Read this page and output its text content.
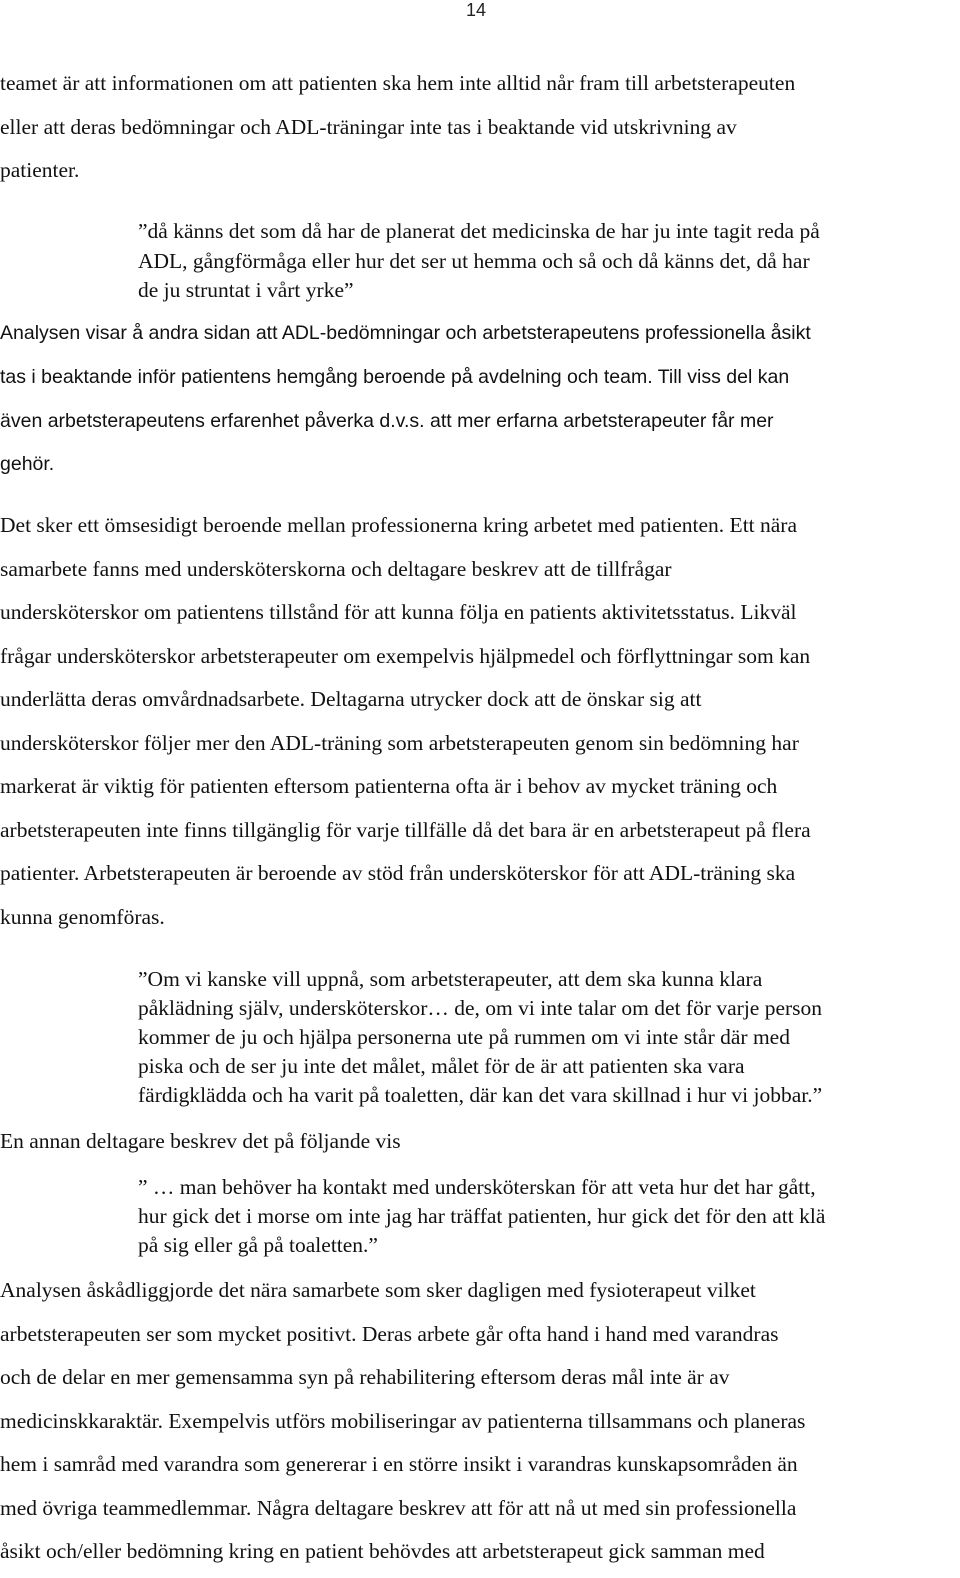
14
teamet är att informationen om att patienten ska hem inte alltid når fram till arbetsterapeuten
eller att deras bedömningar och ADL-träningar inte tas i beaktande vid utskrivning av
patienter.
”då känns det som då har de planerat det medicinska de har ju inte tagit reda på
ADL, gångförmåga eller hur det ser ut hemma och så och då känns det, då har
de ju struntat i vårt yrke”
Analysen visar å andra sidan att ADL-bedömningar och arbetsterapeutens professionella åsikt
tas i beaktande inför patientens hemgång beroende på avdelning och team. Till viss del kan
även arbetsterapeutens erfarenhet påverka d.v.s. att mer erfarna arbetsterapeuter får mer
gehör.
Det sker ett ömsesidigt beroende mellan professionerna kring arbetet med patienten. Ett nära
samarbete fanns med undersköterskorna och deltagare beskrev att de tillfrågar
undersköterskor om patientens tillstånd för att kunna följa en patients aktivitetsstatus. Likväl
frågar undersköterskor arbetsterapeuter om exempelvis hjälpmedel och förflyttningar som kan
underlätta deras omvårdnadsarbete. Deltagarna utrycker dock att de önskar sig att
undersköterskor följer mer den ADL-träning som arbetsterapeuten genom sin bedömning har
markerat är viktig för patienten eftersom patienterna ofta är i behov av mycket träning och
arbetsterapeuten inte finns tillgänglig för varje tillfälle då det bara är en arbetsterapeut på flera
patienter. Arbetsterapeuten är beroende av stöd från undersköterskor för att ADL-träning ska
kunna genomföras.
”Om vi kanske vill uppnå, som arbetsterapeuter, att dem ska kunna klara
påklädning själv, undersköterskor… de, om vi inte talar om det för varje person
kommer de ju och hjälpa personerna ute på rummen om vi inte står där med
piska och de ser ju inte det målet, målet för de är att patienten ska vara
färdigklädda och ha varit på toaletten, där kan det vara skillnad i hur vi jobbar.”
En annan deltagare beskrev det på följande vis
” … man behöver ha kontakt med undersköterskan för att veta hur det har gått,
hur gick det i morse om inte jag har träffat patienten, hur gick det för den att klä
på sig eller gå på toaletten.”
Analysen åskådliggjorde det nära samarbete som sker dagligen med fysioterapeut vilket
arbetsterapeuten ser som mycket positivt. Deras arbete går ofta hand i hand med varandras
och de delar en mer gemensamma syn på rehabilitering eftersom deras mål inte är av
medicinskkaraktär. Exempelvis utförs mobiliseringar av patienterna tillsammans och planeras
hem i samråd med varandra som genererar i en större insikt i varandras kunskapsområden än
med övriga teammedlemmar. Några deltagare beskrev att för att nå ut med sin professionella
åsikt och/eller bedömning kring en patient behövdes att arbetsterapeut gick samman med
